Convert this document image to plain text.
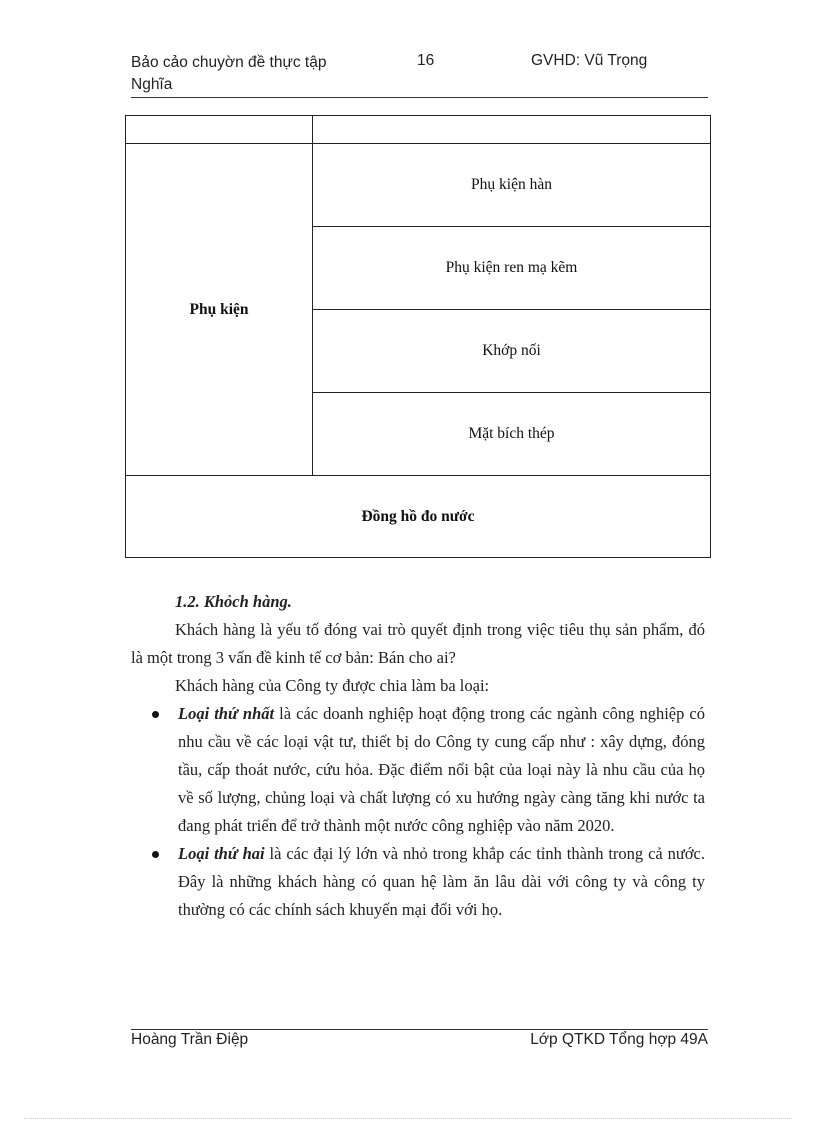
Bảo cảo chuyờn đề thực tập Nghĩa
16	GVHD: Vũ Trọng

Phụ kiện	Phụ kiện hàn
	Phụ kiện ren mạ kẽm
	Khớp nối
	Mặt bích thép
Đồng hồ đo nước	

1.2. Khỏch hàng.

Khách hàng là yếu tố đóng vai trò quyết định trong việc tiêu thụ sản phẩm, đó là một trong 3 vấn đề kinh tế cơ bản: Bán cho ai?

Khách hàng của Công ty được chia làm ba loại:

Loại thứ nhất là các doanh nghiệp hoạt động trong các ngành công nghiệp có nhu cầu về các loại vật tư, thiết bị do Công ty cung cấp như : xây dựng, đóng tầu, cấp thoát nước, cứu hỏa. Đặc điểm nổi bật của loại này là nhu cầu của họ về số lượng, chủng loại và chất lượng có xu hướng ngày càng tăng khi nước ta đang phát triển để trở thành một nước công nghiệp vào năm 2020.
Loại thứ hai là các đại lý lớn và nhỏ trong khắp các tỉnh thành trong cả nước. Đây là những khách hàng có quan hệ làm ăn lâu dài với công ty và công ty thường có các chính sách khuyến mại đối với họ.
Hoàng Trần Điệp	Lớp QTKD Tổng hợp 49A
